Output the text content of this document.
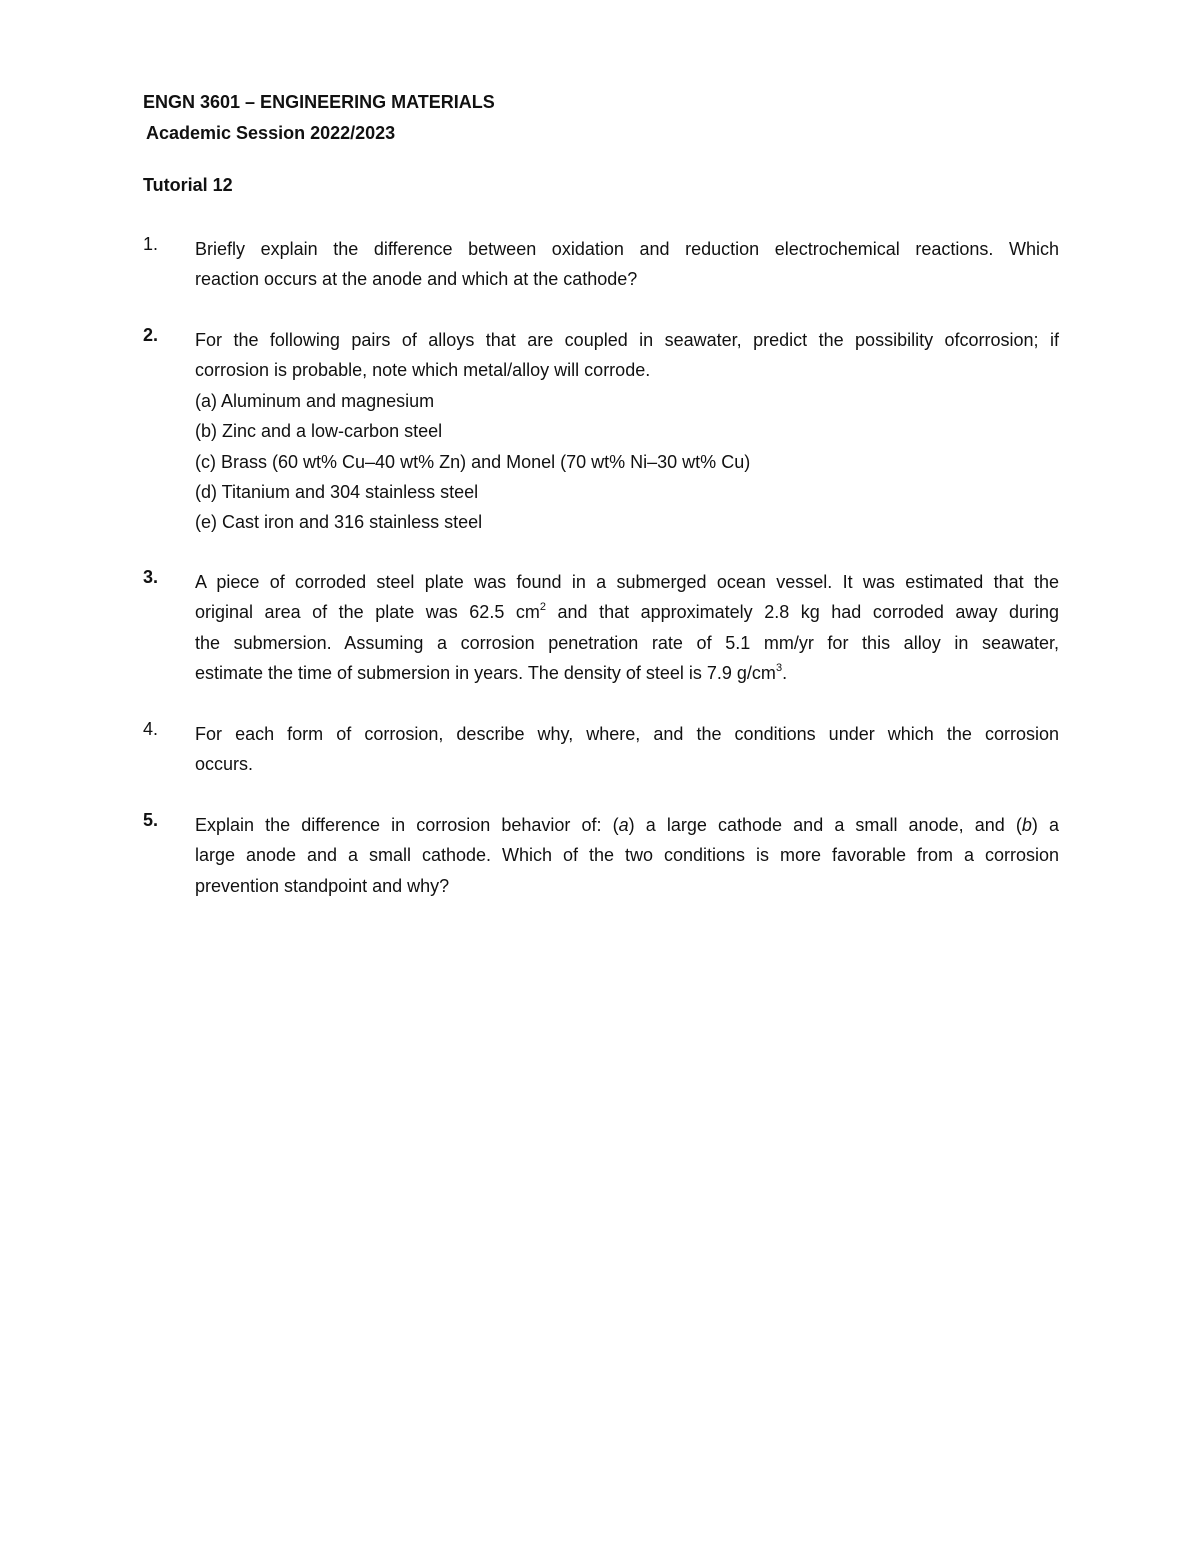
ENGN 3601 – ENGINEERING MATERIALS
Academic Session 2022/2023
Tutorial 12
1. Briefly explain the difference between oxidation and reduction electrochemical reactions. Which
reaction occurs at the anode and which at the cathode?
2. For the following pairs of alloys that are coupled in seawater, predict the possibility ofcorrosion; if
corrosion is probable, note which metal/alloy will corrode.
(a) Aluminum and magnesium
(b) Zinc and a low-carbon steel
(c) Brass (60 wt% Cu–40 wt% Zn) and Monel (70 wt% Ni–30 wt% Cu)
(d) Titanium and 304 stainless steel
(e) Cast iron and 316 stainless steel
3. A piece of corroded steel plate was found in a submerged ocean vessel. It was estimated that the
original area of the plate was 62.5 $cm^2$ and that approximately 2.8 kg had corroded away during
the submersion. Assuming a corrosion penetration rate of 5.1 mm/yr for this alloy in seawater,
estimate the time of submersion in years. The density of steel is 7.9 $g/cm^3$.
4. For each form of corrosion, describe why, where, and the conditions under which the corrosion
occurs.
5. Explain the difference in corrosion behavior of: (a) a large cathode and a small anode, and (b) a
large anode and a small cathode. Which of the two conditions is more favorable from a corrosion
prevention standpoint and why?
